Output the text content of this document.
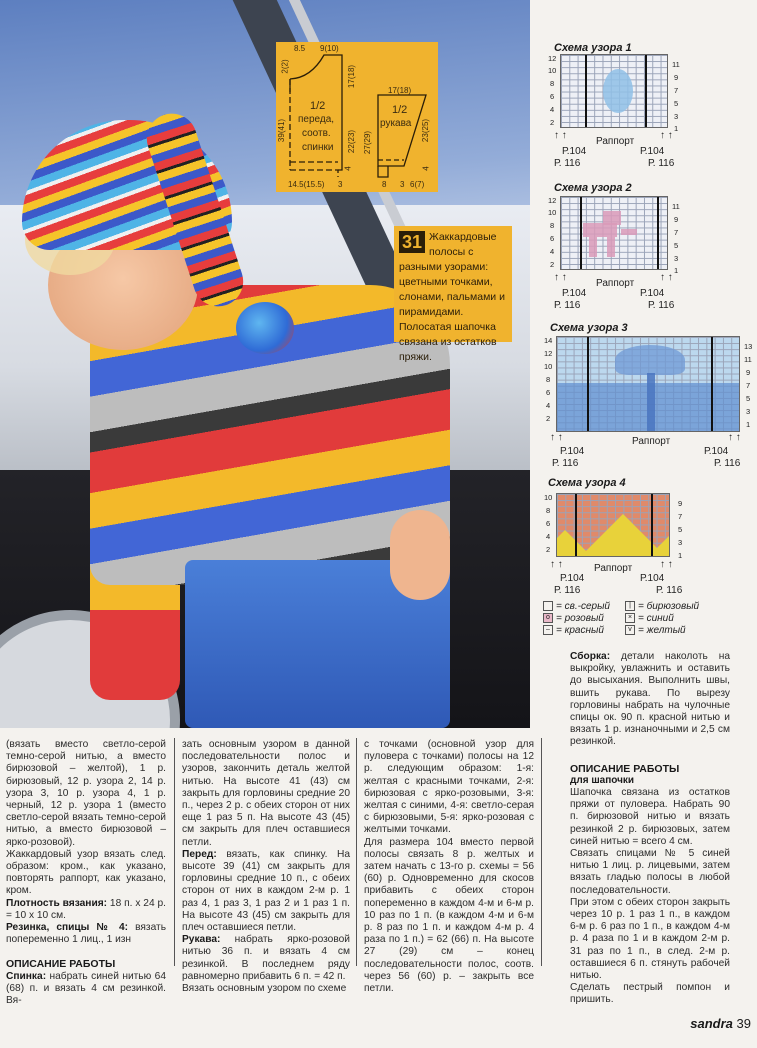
8.5 9(10)
2(2)
39(41)
17(18)
22(23)
4
14.5(15.5) 3
1/2
переда,
соотв.
спинки
17(18)
1/2
рукава
27(29)
23(25)
4
8 3 6(7)
31 Жаккардовые полосы с разными узорами: цветными точками, слонами, пальмами и пирамидами. Полосатая шапочка связана из остатков пряжи.
Схема узора 1
12
10
8
6
4
2
11
9
7
5
3
1
↑ ↑
Раппорт
↑ ↑
Р.104
Р. 116
Р.104
Р. 116
Схема узора 2
12
10
8
6
4
2
11
9
7
5
3
1
↑ ↑
Раппорт
↑ ↑
Р.104
Р. 116
Р.104
Р. 116
Схема узора 3
14
12
10
8
6
4
2
13
11
9
7
5
3
1
↑ ↑	Раппорт	↑ ↑
Р.104
Р. 116
Р.104
Р. 116
Схема узора 4
10
8
6
4
2
9
7
5
3
1
↑ ↑	Раппорт	↑ ↑
Р.104
Р. 116
Р.104
Р. 116
= св.-серый
o = розовый
– = красный
| = бирюзовый
× = синий
v = желтый

Сборка: детали наколоть на выкройку, увлажнить и оставить до высыхания. Выполнить швы, вшить рукава. По вырезу горловины набрать на чулочные спицы ок. 90 п. красной нитью и вязать 1 р. изнаночными и 2,5 см резинкой.

ОПИСАНИЕ РАБОТЫ
для шапочки

Шапочка связана из остатков пряжи от пуловера. Набрать 90 п. бирюзовой нитью и вязать резинкой 2 р. бирюзовых, затем синей нитью = всего 4 см.

Связать спицами № 5 синей нитью 1 лиц. р. лицевыми, затем вязать гладью полосы в любой последовательности.

При этом с обеих сторон закрыть через 10 р. 1 раз 1 п., в каждом 6-м р. 6 раз по 1 п., в каждом 4-м р. 4 раза по 1 и в каждом 2-м р. 31 раз по 1 п., в след. 2-м р. оставшиеся 6 п. стянуть рабочей нитью.

Сделать пестрый помпон и пришить.

(вязать вместо светло-серой темно-серой нитью, а вместо бирюзовой – желтой), 1 р. бирюзовый, 12 р. узора 2, 14 р. узора 3, 10 р. узора 4, 1 р. черный, 12 р. узора 1 (вместо светло-серой вязать темно-серой нитью, а вместо бирюзовой – ярко-розовой).

Жаккардовый узор вязать след. образом: кром., как указано, повторять раппорт, как указано, кром.

Плотность вязания: 18 п. х 24 р. = 10 х 10 см.

Резинка, спицы № 4: вязать попеременно 1 лиц., 1 изн

ОПИСАНИЕ РАБОТЫ

Спинка: набрать синей нитью 64 (68) п. и вязать 4 см резинкой. Вя-

зать основным узором в данной последовательности полос и узоров, закончить деталь желтой нитью. На высоте 41 (43) см закрыть для горловины средние 20 п., через 2 р. с обеих сторон от них еще 1 раз 5 п. На высоте 43 (45) см закрыть для плеч оставшиеся петли.

Перед: вязать, как спинку. На высоте 39 (41) см закрыть для горловины средние 10 п., с обеих сторон от них в каждом 2-м р. 1 раз 4, 1 раз 3, 1 раз 2 и 1 раз 1 п. На высоте 43 (45) см закрыть для плеч оставшиеся петли.

Рукава: набрать ярко-розовой нитью 36 п. и вязать 4 см резинкой. В последнем ряду равномерно прибавить 6 п. = 42 п.

Вязать основным узором по схеме

с точками (основной узор для пуловера с точками) полосы на 12 р. следующим образом: 1-я: желтая с красными точками, 2-я: бирюзовая с ярко-розовыми, 3-я: желтая с синими, 4-я: светло-серая с бирюзовыми, 5-я: ярко-розовая с желтыми точками.

Для размера 104 вместо первой полосы связать 8 р. желтых и затем начать с 13-го р. схемы = 56 (60) р. Одновременно для скосов прибавить с обеих сторон попеременно в каждом 4-м и 6-м р. 10 раз по 1 п. (в каждом 4-м и 6-м р. 8 раз по 1 п. и каждом 4-м р. 4 раза по 1 п.) = 62 (66) п. На высоте 27 (29) см – конец последовательности полос, соотв. через 56 (60) р. – закрыть все петли.

sandra 39
